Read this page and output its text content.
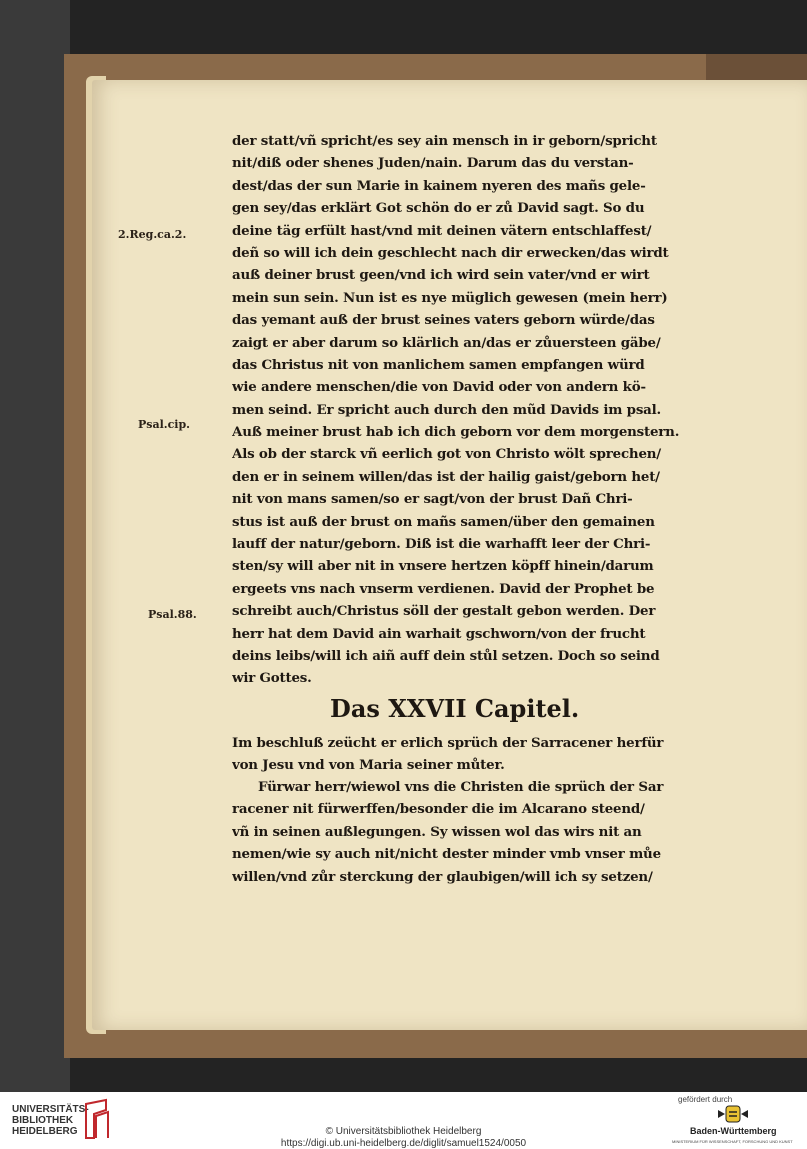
2.Reg.ca.2.
Psal.cip.
Psal.88.
der statt/vñ spricht/es sey ain mensch in ir geborn/spricht
nit/diß oder shenes Juden/nain. Darum das du verstan-
dest/das der sun Marie in kainem nyeren des mañs gele-
gen sey/das erklärt Got schön do er zů David sagt. So du
deine täg erfült hast/vnd mit deinen vätern entschlaffest/
deñ so will ich dein geschlecht nach dir erwecken/das wirdt
auß deiner brust geen/vnd ich wird sein vater/vnd er wirt
mein sun sein. Nun ist es nye müglich gewesen (mein herr)
das yemant auß der brust seines vaters geborn würde/das
zaigt er aber darum so klärlich an/das er zůuersteen gäbe/
das Christus nit von manlichem samen empfangen würd
wie andere menschen/die von David oder von andern kö-
men seind. Er spricht auch durch den mũd Davids im psal.
Auß meiner brust hab ich dich geborn vor dem morgenstern.
Als ob der starck vñ eerlich got von Christo wölt sprechen/
den er in seinem willen/das ist der hailig gaist/geborn het/
nit von mans samen/so er sagt/von der brust Dañ Chri-
stus ist auß der brust on mañs samen/über den gemainen
lauff der natur/geborn. Diß ist die warhafft leer der Chri-
sten/sy will aber nit in vnsere hertzen köpff hinein/darum
ergeets vns nach vnserm verdienen. David der Prophet be
schreibt auch/Christus söll der gestalt gebon werden. Der
herr hat dem David ain warhait gschworn/von der frucht
deins leibs/will ich aiñ auff dein stůl setzen. Doch so seind
wir Gottes.
Das XXVII Capitel.
Im beschluß zeücht er erlich sprüch der Sarracener herfür
von Jesu vnd von Maria seiner můter.
Fürwar herr/wiewol vns die Christen die sprüch der Sar
racener nit fürwerffen/besonder die im Alcarano steend/
vñ in seinen außlegungen. Sy wissen wol das wirs nit an
nemen/wie sy auch nit/nicht dester minder vmb vnser můe
willen/vnd zůr sterckung der glaubigen/will ich sy setzen/
UNIVERSITÄTS-
BIBLIOTHEK
HEIDELBERG	© Universitätsbibliothek Heidelberg
https://digi.ub.uni-heidelberg.de/diglit/samuel1524/0050
gefördert durch
Baden-Württemberg
MINISTERIUM FÜR WISSENSCHAFT, FORSCHUNG UND KUNST
